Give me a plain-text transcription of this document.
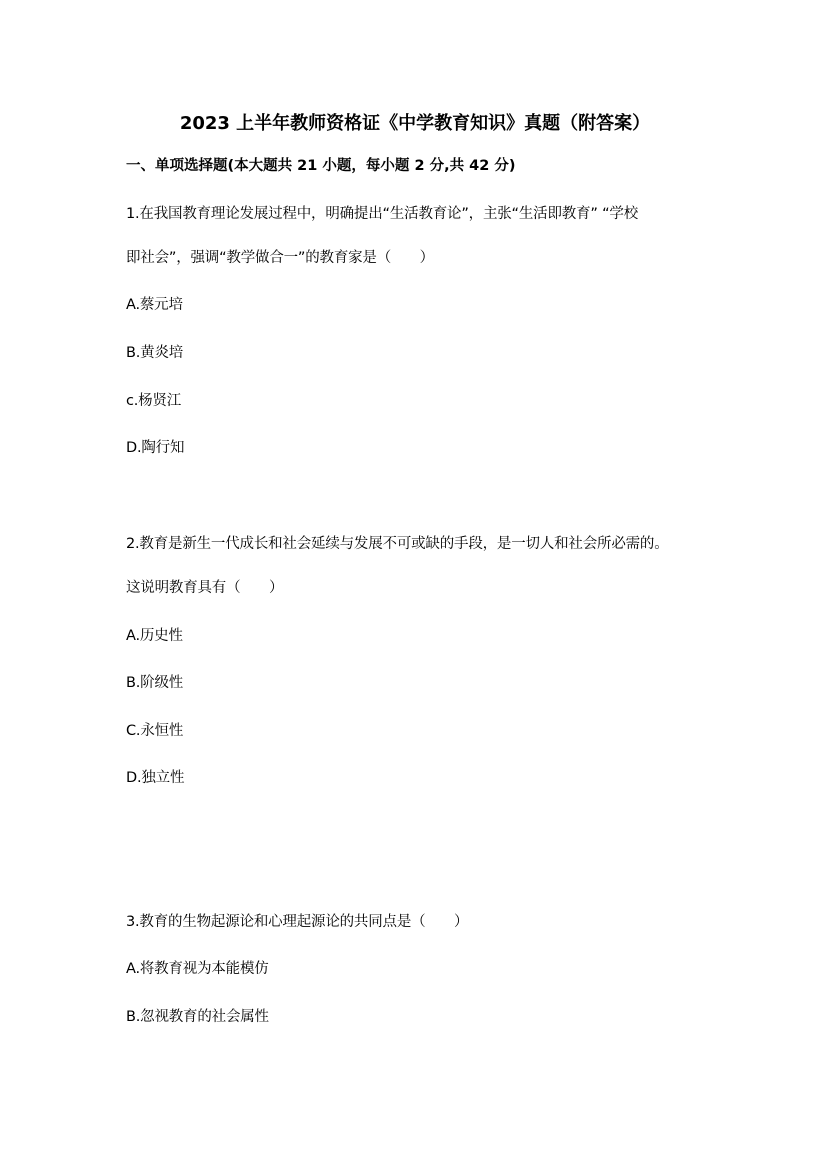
2023 上半年教师资格证《中学教育知识》真题（附答案）
一、单项选择题(本大题共 21 小题，每小题 2 分,共 42 分)
1.在我国教育理论发展过程中，明确提出“生活教育论”，主张“生活即教育” “学校
即社会”，强调“教学做合一”的教育家是（　　）
A.蔡元培
B.黄炎培
c.杨贤江
D.陶行知
2.教育是新生一代成长和社会延续与发展不可或缺的手段，是一切人和社会所必需的。
这说明教育具有（　　）
A.历史性
B.阶级性
C.永恒性
D.独立性
3.教育的生物起源论和心理起源论的共同点是（　　）
A.将教育视为本能模仿
B.忽视教育的社会属性
